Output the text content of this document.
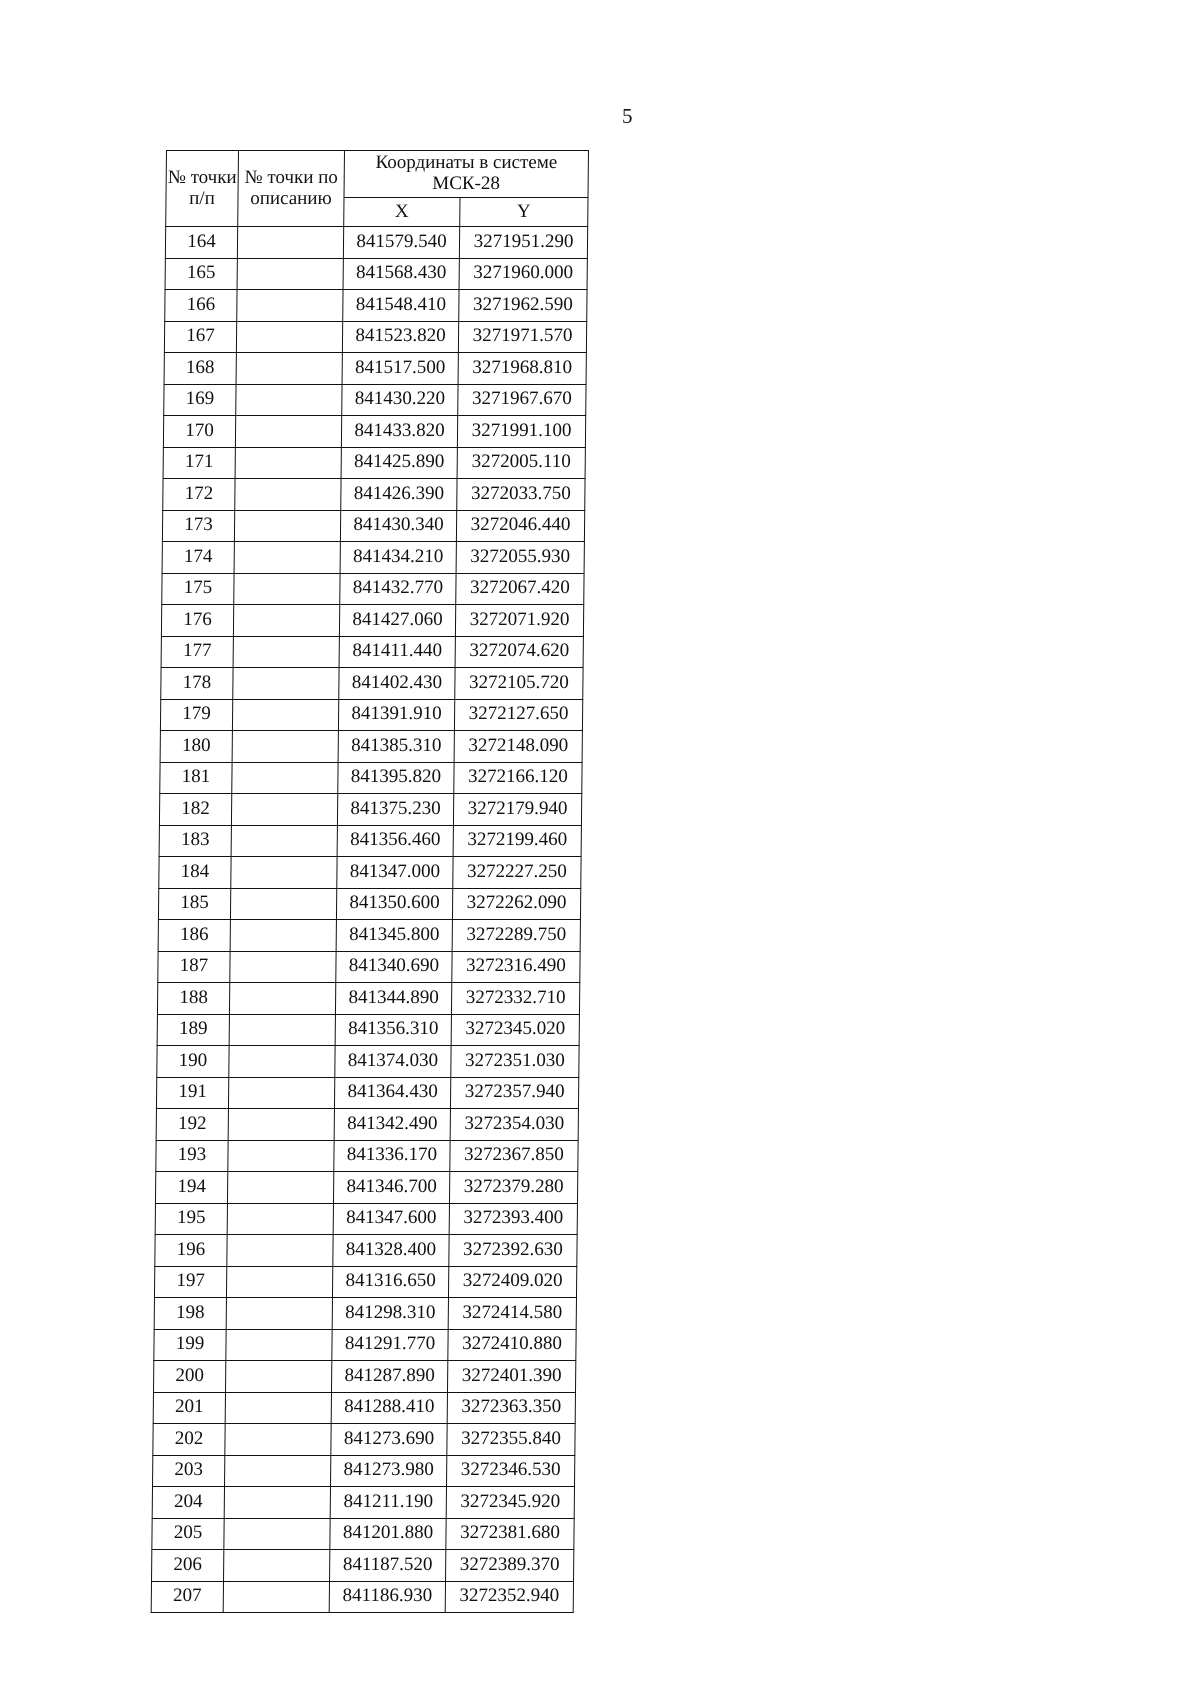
5
№ точки п/п	№ точки по описанию	Координаты в системе МСК-28	
		X	Y
164		841579.540	3271951.290
165		841568.430	3271960.000
166		841548.410	3271962.590
167		841523.820	3271971.570
168		841517.500	3271968.810
169		841430.220	3271967.670
170		841433.820	3271991.100
171		841425.890	3272005.110
172		841426.390	3272033.750
173		841430.340	3272046.440
174		841434.210	3272055.930
175		841432.770	3272067.420
176		841427.060	3272071.920
177		841411.440	3272074.620
178		841402.430	3272105.720
179		841391.910	3272127.650
180		841385.310	3272148.090
181		841395.820	3272166.120
182		841375.230	3272179.940
183		841356.460	3272199.460
184		841347.000	3272227.250
185		841350.600	3272262.090
186		841345.800	3272289.750
187		841340.690	3272316.490
188		841344.890	3272332.710
189		841356.310	3272345.020
190		841374.030	3272351.030
191		841364.430	3272357.940
192		841342.490	3272354.030
193		841336.170	3272367.850
194		841346.700	3272379.280
195		841347.600	3272393.400
196		841328.400	3272392.630
197		841316.650	3272409.020
198		841298.310	3272414.580
199		841291.770	3272410.880
200		841287.890	3272401.390
201		841288.410	3272363.350
202		841273.690	3272355.840
203		841273.980	3272346.530
204		841211.190	3272345.920
205		841201.880	3272381.680
206		841187.520	3272389.370
207		841186.930	3272352.940
